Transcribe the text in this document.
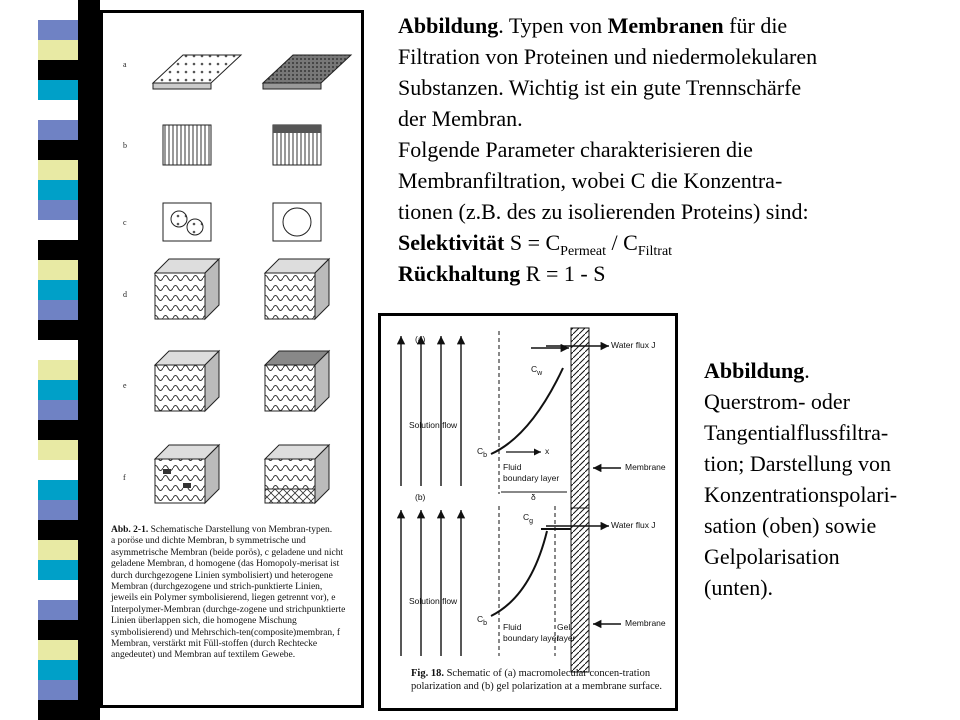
a
b
c
d
e
f
Abb. 2-1. Schematische Darstellung von Membran-typen.
a poröse und dichte Membran, b symmetrische und asymmetrische Membran (beide porös), c geladene und nicht geladene Membran, d homogene (das Homopoly-merisat ist durch durchgezogene Linien symbolisiert) und heterogene Membran (durchgezogene und strich-punktierte Linien, jeweils ein Polymer symbolisierend, liegen getrennt vor), e Interpolymer-Membran (durchge-zogene und strichpunktierte Linien überlappen sich, die homogene Mischung symbolisierend) und Mehrschich-ten(composite)membran, f Membran, verstärkt mit Füll-stoffen (durch Rechtecke angedeutet) und Membran auf textilem Gewebe.
Abbildung. Typen von Membranen für die
Filtration von Proteinen und niedermolekularen
Substanzen. Wichtig ist ein gute Trennschärfe
der Membran.
Folgende Parameter charakterisieren die
Membranfiltration, wobei C die Konzentra-
tionen (z.B. des zu isolierenden Proteins) sind:
Selektivität $S = C_{Permeat} / C_{Filtrat}$
Rückhaltung R = 1 - S
(a)
(b)
Water flux J
Water flux J
$C_w$
$C_g$
$C_b$
$C_b$
x
Solution flow
Solution flow
Fluid
boundary layer
δ
Membrane
Fluid
boundary layer
Gel
layer
Membrane
Fig. 18. Schematic of (a) macromolecular concen-tration polarization and (b) gel polarization at a membrane surface.
Abbildung.
Querstrom- oder
Tangentialflussfiltra-
tion; Darstellung von
Konzentrationspolari-
sation (oben) sowie
Gelpolarisation
(unten).
